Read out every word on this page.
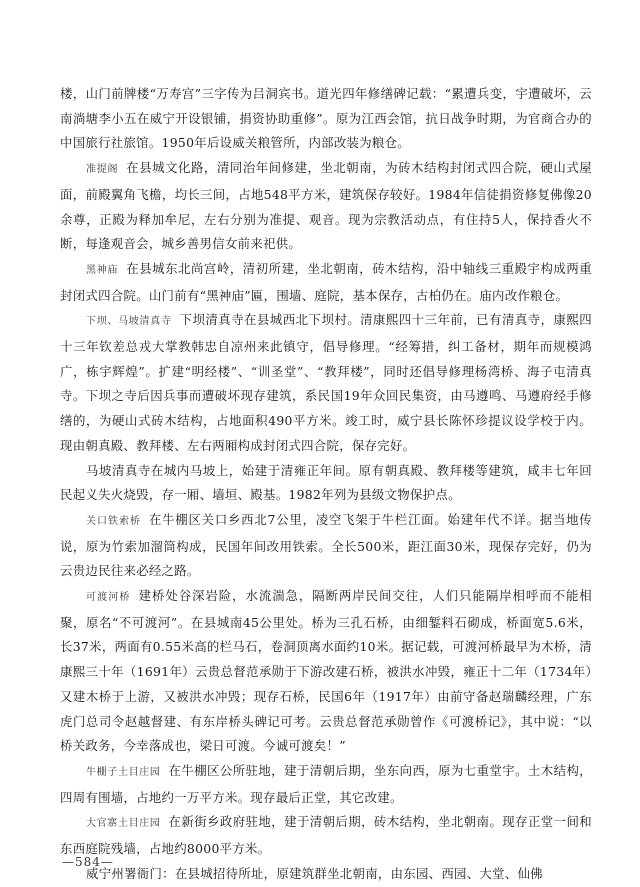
楼，山门前牌楼“万寿宫”三字传为吕洞宾书。道光四年修缮碑记载：“累遭兵变，宇遭破坏，云南淌塘李小五在威宁开设银铺，捐资协助重修”。原为江西会馆，抗日战争时期，为官商合办的中国旅行社旅馆。1950年后设威关粮管所，内部改装为粮仓。

准提阁 在县城文化路，清同治年间修建，坐北朝南，为砖木结构封闭式四合院，硬山式屋面，前殿翼角飞檐，均长三间，占地548平方米，建筑保存较好。1984年信徒捐资修复佛像20余尊，正殿为释加牟尼，左右分别为准提、观音。现为宗教活动点，有住持5人，保持香火不断，每逢观音会，城乡善男信女前来祀供。

黑神庙 在县城东北尚宫岭，清初所建，坐北朝南，砖木结构，沿中轴线三重殿宇构成两重封闭式四合院。山门前有“黑神庙”匾，围墙、庭院，基本保存，古柏仍在。庙内改作粮仓。

下坝、马坡清真寺 下坝清真寺在县城西北下坝村。清康熙四十三年前，已有清真寺，康熙四十三年钦差总戎大掌教韩忠自凉州来此镇守，倡导修理。“经筹措，纠工备材，期年而规模鸿广，栋宇辉煌”。扩建“明经楼”、“训圣堂”、“教拜楼”，同时还倡导修理杨湾桥、海子屯清真寺。下坝之寺后因兵事而遭破坏现存建筑，系民国19年众回民集资，由马遵鸣、马遵府经手修缮的，为硬山式砖木结构，占地面积490平方米。竣工时，威宁县长陈怀珍提议设学校于内。现由朝真殿、教拜楼、左右两厢构成封闭式四合院，保存完好。

马坡清真寺在城内马坡上，始建于清雍正年间。原有朝真殿、教拜楼等建筑，咸丰七年回民起义失火烧毁，存一厢、墙垣、殿基。1982年列为县级文物保护点。

关口铁索桥 在牛棚区关口乡西北7公里，凌空飞架于牛栏江面。始建年代不详。据当地传说，原为竹索加溜筒构成，民国年间改用铁索。全长500米，距江面30米，现保存完好，仍为云贵边民往来必经之路。

可渡河桥 建桥处谷深岩险，水流湍急，隔断两岸民间交往，人们只能隔岸相呼而不能相聚，原名“不可渡河”。在县城南45公里处。桥为三孔石桥，由细錾料石砌成，桥面宽5.6米，长37米，两面有0.55米高的栏马石，卷洞顶离水面约10米。据记载，可渡河桥最早为木桥，清康熙三十年（1691年）云贵总督范承勋于下游改建石桥，被洪水冲毁，雍正十二年（1734年）又建木桥于上游，又被洪水冲毁；现存石桥，民国6年（1917年）由前守备赵瑞麟经理，广东虎门总司令赵越督建、有东岸桥头碑记可考。云贵总督范承勋曾作《可渡桥记》，其中说：“以桥关政务，今幸落成也，梁日可渡。今诚可渡矣！”

牛棚子土目庄园 在牛棚区公所驻地，建于清朝后期，坐东向西，原为七重堂宇。土木结构，四周有围墙，占地约一万平方米。现存最后正堂，其它改建。

大官寨土目庄园 在新街乡政府驻地，建于清朝后期，砖木结构，坐北朝南。现存正堂一间和东西庭院残墙，占地约8000平方米。

威宁州署衙门：在县城招待所址，原建筑群坐北朝南，由东园、西园、大堂、仙佛

—584—
